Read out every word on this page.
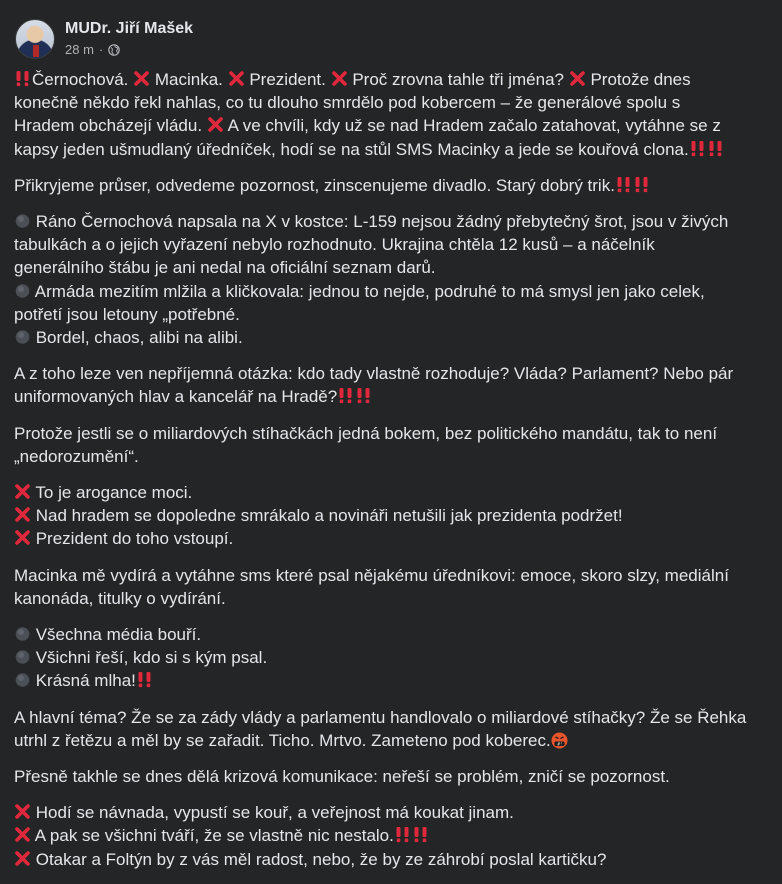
MUDr. Jiří Mašek
28 m ·
Černochová.  Macinka.  Prezident.  Proč zrovna tahle tři jména?  Protože dnes
konečně někdo řekl nahlas, co tu dlouho smrdělo pod kobercem – že generálové spolu s
Hradem obcházejí vládu.  A ve chvíli, kdy už se nad Hradem začalo zatahovat, vytáhne se z
kapsy jeden ušmudlaný úředníček, hodí se na stůl SMS Macinky a jede se kouřová clona.
Přikryjeme průser, odvedeme pozornost, zinscenujeme divadlo. Starý dobrý trik.
Ráno Černochová napsala na X v kostce: L-159 nejsou žádný přebytečný šrot, jsou v živých
tabulkách a o jejich vyřazení nebylo rozhodnuto. Ukrajina chtěla 12 kusů – a náčelník
generálního štábu je ani nedal na oficiální seznam darů.
Armáda mezitím mlžila a kličkovala: jednou to nejde, podruhé to má smysl jen jako celek,
potřetí jsou letouny „potřebné.
Bordel, chaos, alibi na alibi.
A z toho leze ven nepříjemná otázka: kdo tady vlastně rozhoduje? Vláda? Parlament? Nebo pár
uniformovaných hlav a kancelář na Hradě?
Protože jestli se o miliardových stíhačkách jedná bokem, bez politického mandátu, tak to není
„nedorozumění“.
To je arogance moci.
Nad hradem se dopoledne smrákalo a novináři netušili jak prezidenta podržet!
Prezident do toho vstoupí.
Macinka mě vydírá a vytáhne sms které psal nějakému úředníkovi: emoce, skoro slzy, mediální
kanonáda, titulky o vydírání.
Všechna média bouří.
Všichni řeší, kdo si s kým psal.
Krásná mlha!
A hlavní téma? Že se za zády vlády a parlamentu handlovalo o miliardové stíhačky? Že se Řehka
utrhl z řetězu a měl by se zařadit. Ticho. Mrtvo. Zameteno pod koberec.
Přesně takhle se dnes dělá krizová komunikace: neřeší se problém, zničí se pozornost.
Hodí se návnada, vypustí se kouř, a veřejnost má koukat jinam.
A pak se všichni tváří, že se vlastně nic nestalo.
Otakar a Foltýn by z vás měl radost, nebo, že by ze záhrobí poslal kartičku?
